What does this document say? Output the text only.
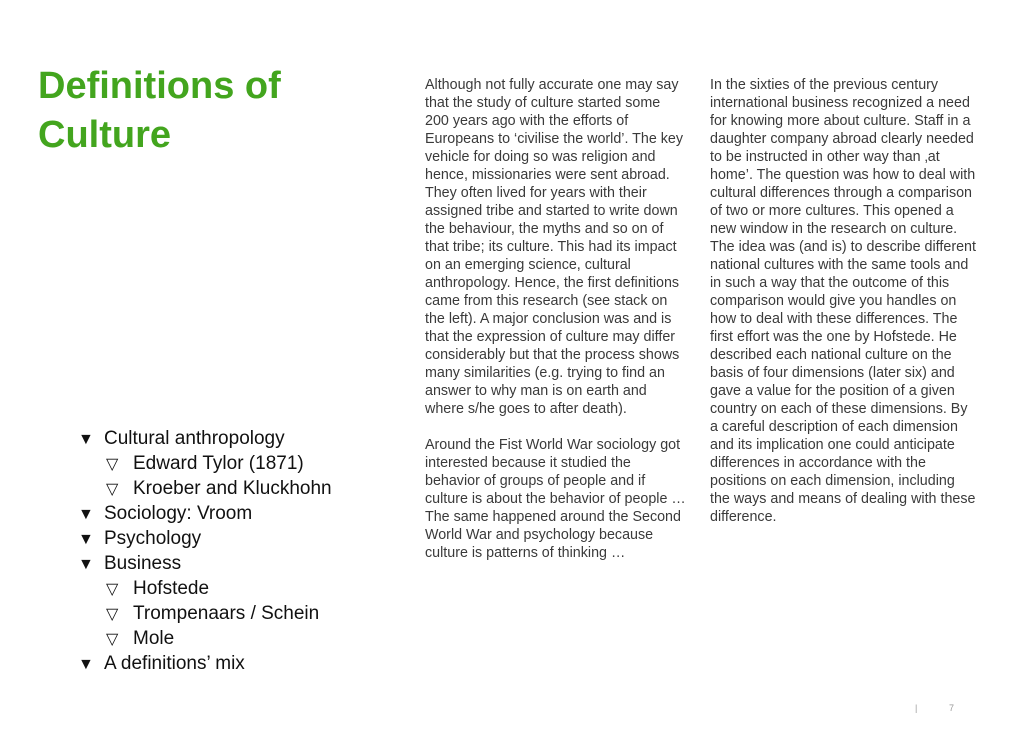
Definitions of
Culture
▼ Cultural anthropology
▽ Edward Tylor (1871)
▽ Kroeber and Kluckhohn
▼ Sociology: Vroom
▼ Psychology
▼ Business
▽ Hofstede
▽ Trompenaars / Schein
▽ Mole
▼ A definitions’ mix

Although not fully accurate one may say that the study of culture started some 200 years ago with the efforts of Europeans to ‘civilise the world’. The key vehicle for doing so was religion and hence, missionaries were sent abroad. They often lived for years with their assigned tribe and started to write down the behaviour, the myths and so on of that tribe; its culture. This had its impact on an emerging science, cultural anthropology. Hence, the first definitions came from this research (see stack on the left). A major conclusion was and is that the expression of culture may differ considerably but that the process shows many similarities (e.g. trying to find an answer to why man is on earth and where s/he goes to after death).

Around the Fist World War sociology got interested because it studied the behavior of groups of people and if culture is about the behavior of people … The same happened around the Second World War and psychology because culture is patterns of thinking …

In the sixties of the previous century international business recognized a need for knowing more about culture. Staff in a daughter company abroad clearly needed to be instructed in other way than ‚at home’. The question was how to deal with cultural differences through a comparison of two or more cultures. This opened a new window in the research on culture. The idea was (and is) to describe different national cultures with the same tools and in such a way that the outcome of this comparison would give you handles on how to deal with these differences. The first effort was the one by Hofstede. He described each national culture on the basis of four dimensions (later six) and gave a value for the position of a given country on each of these dimensions. By a careful description of each dimension and its implication one could anticipate differences in accordance with the positions on each dimension, including the ways and means of dealing with these difference.

|	7
